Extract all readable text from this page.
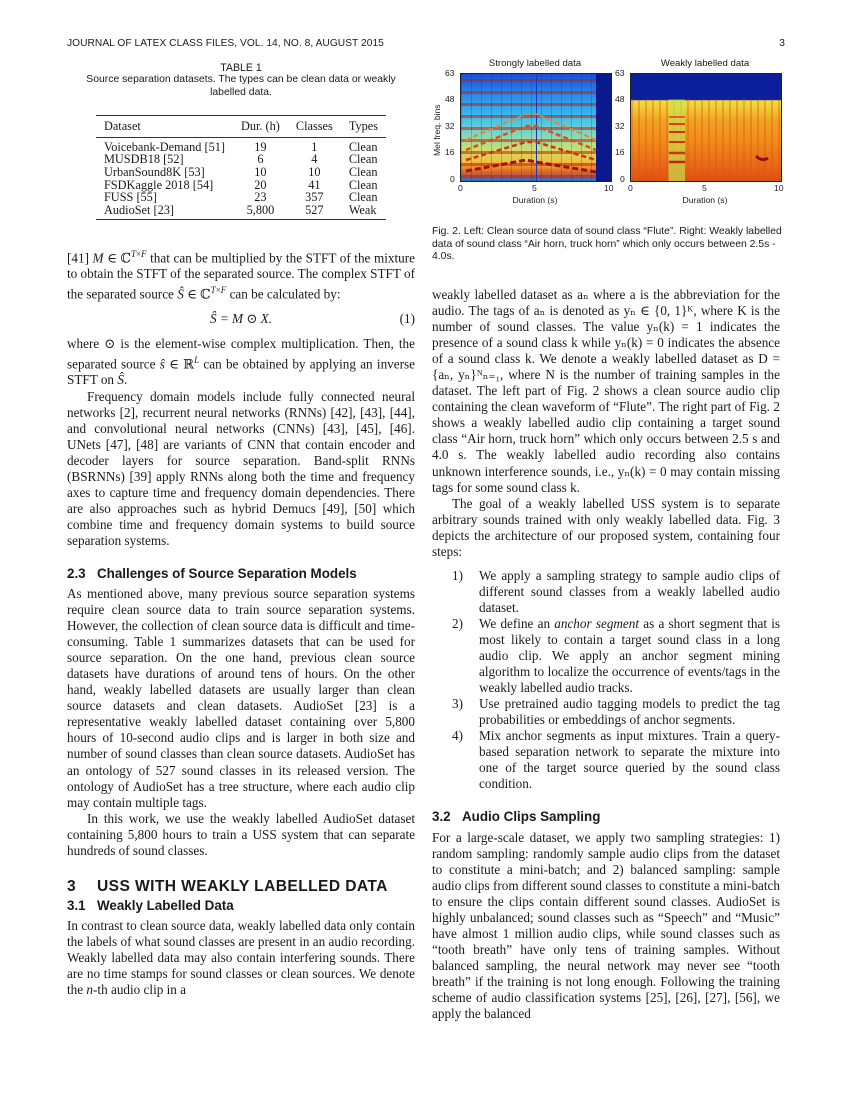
JOURNAL OF LATEX CLASS FILES, VOL. 14, NO. 8, AUGUST 2015	3
TABLE 1
Source separation datasets. The types can be clean data or weakly labelled data.
Dataset	Dur. (h)	Classes	Types
Voicebank-Demand [51]	19	1	Clean
MUSDB18 [52]	6	4	Clean
UrbanSound8K [53]	10	10	Clean
FSDKaggle 2018 [54]	20	41	Clean
FUSS [55]	23	357	Clean
AudioSet [23]	5,800	527	Weak

[41] M ∈ ℂ$^{T\times F}$ that can be multiplied by the STFT of the mixture to obtain the STFT of the separated source. The complex STFT of the separated source Ŝ ∈ ℂ$^{T\times F}$ can be calculated by:

Ŝ = M ⊙ X.	(1)

where ⊙ is the element-wise complex multiplication. Then, the separated source ŝ ∈ ℝ$^L$ can be obtained by applying an inverse STFT on Ŝ.

Frequency domain models include fully connected neural networks [2], recurrent neural networks (RNNs) [42], [43], [44], and convolutional neural networks (CNNs) [43], [45], [46]. UNets [47], [48] are variants of CNN that contain encoder and decoder layers for source separation. Band-split RNNs (BSRNNs) [39] apply RNNs along both the time and frequency axes to capture time and frequency domain dependencies. There are also approaches such as hybrid Demucs [49], [50] which combine time and frequency domain systems to build source separation systems.

2.3 Challenges of Source Separation Models

As mentioned above, many previous source separation systems require clean source data to train source separation systems. However, the collection of clean source data is difficult and time-consuming. Table 1 summarizes datasets that can be used for source separation. On the one hand, previous clean source datasets have durations of around tens of hours. On the other hand, weakly labelled datasets are usually larger than clean source datasets and clean datasets. AudioSet [23] is a representative weakly labelled dataset containing over 5,800 hours of 10-second audio clips and is larger in both size and number of sound classes than clean source datasets. AudioSet has an ontology of 527 sound classes in its released version. The ontology of AudioSet has a tree structure, where each audio clip may contain multiple tags.

In this work, we use the weakly labelled AudioSet dataset containing 5,800 hours to train a USS system that can separate hundreds of sound classes.

3 USS WITH WEAKLY LABELLED DATA
3.1 Weakly Labelled Data

In contrast to clean source data, weakly labelled data only contain the labels of what sound classes are present in an audio recording. Weakly labelled data may also contain interfering sounds. There are no time stamps for sound classes or clean sources. We denote the n-th audio clip in a

Strongly labelled data	Weakly labelled data
Mel freq. bins
63
48
32
16
0
0	5	10
Duration (s)
63
48
32
16
0
0	5	10
Duration (s)
Fig. 2. Left: Clean source data of sound class “Flute”. Right: Weakly labelled data of sound class “Air horn, truck horn” which only occurs between 2.5s - 4.0s.

weakly labelled dataset as aₙ where a is the abbreviation for the audio. The tags of aₙ is denoted as yₙ ∈ {0, 1}ᴷ, where K is the number of sound classes. The value yₙ(k) = 1 indicates the presence of a sound class k while yₙ(k) = 0 indicates the absence of a sound class k. We denote a weakly labelled dataset as D = {aₙ, yₙ}ᴺₙ₌₁, where N is the number of training samples in the dataset. The left part of Fig. 2 shows a clean source audio clip containing the clean waveform of “Flute”. The right part of Fig. 2 shows a weakly labelled audio clip containing a target sound class “Air horn, truck horn” which only occurs between 2.5 s and 4.0 s. The weakly labelled audio recording also contains unknown interference sounds, i.e., yₙ(k) = 0 may contain missing tags for some sound class k.

The goal of a weakly labelled USS system is to separate arbitrary sounds trained with only weakly labelled data. Fig. 3 depicts the architecture of our proposed system, containing four steps:

1) We apply a sampling strategy to sample audio clips of different sound classes from a weakly labelled audio dataset.
2) We define an anchor segment as a short segment that is most likely to contain a target sound class in a long audio clip. We apply an anchor segment mining algorithm to localize the occurrence of events/tags in the weakly labelled audio tracks.
3) Use pretrained audio tagging models to predict the tag probabilities or embeddings of anchor segments.
4) Mix anchor segments as input mixtures. Train a query-based separation network to separate the mixture into one of the target source queried by the sound class condition.
3.2 Audio Clips Sampling

For a large-scale dataset, we apply two sampling strategies: 1) random sampling: randomly sample audio clips from the dataset to constitute a mini-batch; and 2) balanced sampling: sample audio clips from different sound classes to constitute a mini-batch to ensure the clips contain different sound classes. AudioSet is highly unbalanced; sound classes such as “Speech” and “Music” have almost 1 million audio clips, while sound classes such as “tooth breath” have only tens of training samples. Without balanced sampling, the neural network may never see “tooth breath” if the training is not long enough. Following the training scheme of audio classification systems [25], [26], [27], [56], we apply the balanced
